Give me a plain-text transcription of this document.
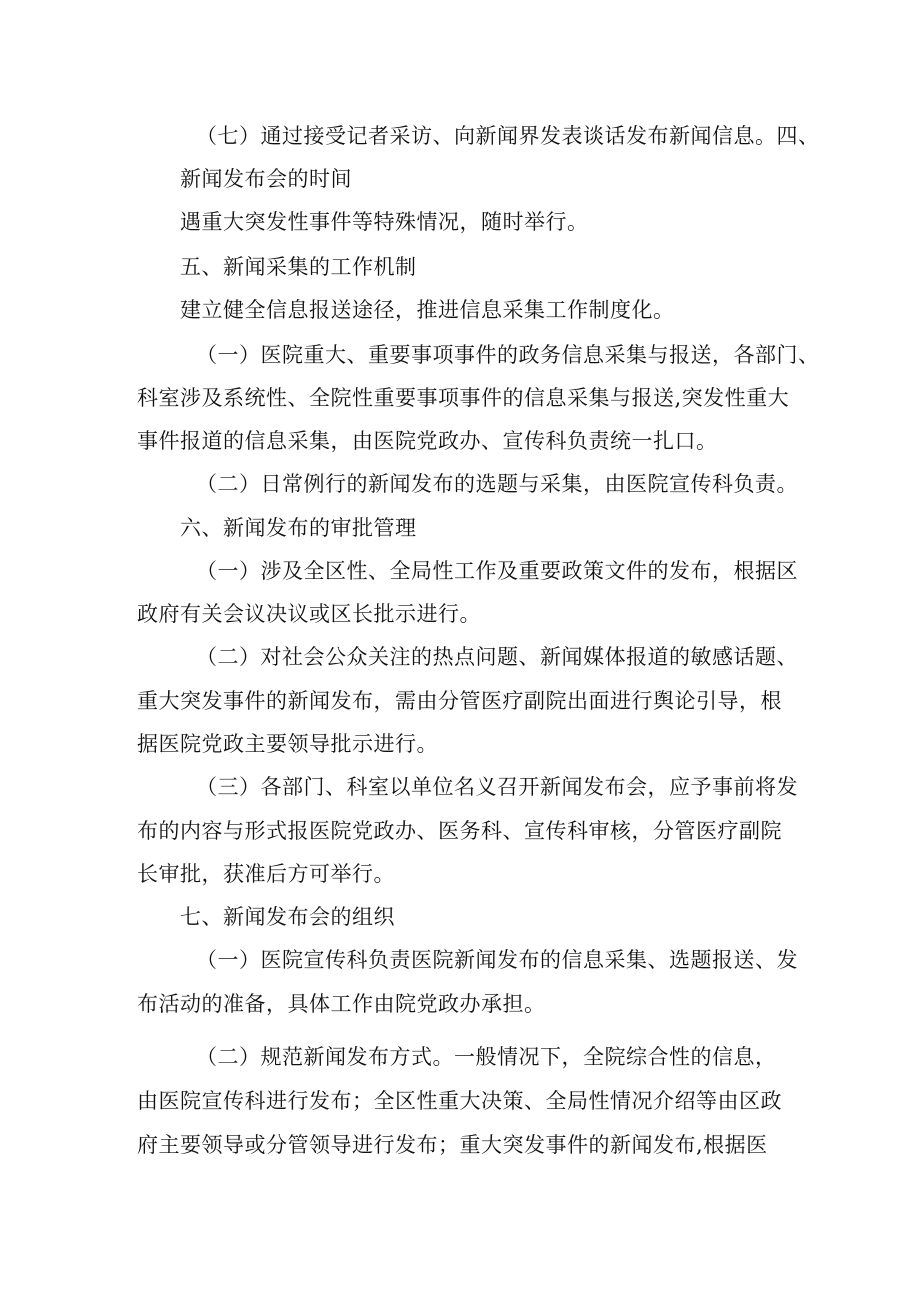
（七）通过接受记者采访、向新闻界发表谈话发布新闻信息。四、
新闻发布会的时间
遇重大突发性事件等特殊情况，随时举行。
五、新闻采集的工作机制
建立健全信息报送途径，推进信息采集工作制度化。
（一）医院重大、重要事项事件的政务信息采集与报送，各部门、
科室涉及系统性、全院性重要事项事件的信息采集与报送,突发性重大
事件报道的信息采集，由医院党政办、宣传科负责统一扎口。
（二）日常例行的新闻发布的选题与采集，由医院宣传科负责。
六、新闻发布的审批管理
（一）涉及全区性、全局性工作及重要政策文件的发布，根据区
政府有关会议决议或区长批示进行。
（二）对社会公众关注的热点问题、新闻媒体报道的敏感话题、
重大突发事件的新闻发布，需由分管医疗副院出面进行舆论引导，根
据医院党政主要领导批示进行。
（三）各部门、科室以单位名义召开新闻发布会，应予事前将发
布的内容与形式报医院党政办、医务科、宣传科审核，分管医疗副院
长审批，获准后方可举行。
七、新闻发布会的组织
（一）医院宣传科负责医院新闻发布的信息采集、选题报送、发
布活动的准备，具体工作由院党政办承担。
（二）规范新闻发布方式。一般情况下，全院综合性的信息，
由医院宣传科进行发布；全区性重大决策、全局性情况介绍等由区政
府主要领导或分管领导进行发布；重大突发事件的新闻发布,根据医
